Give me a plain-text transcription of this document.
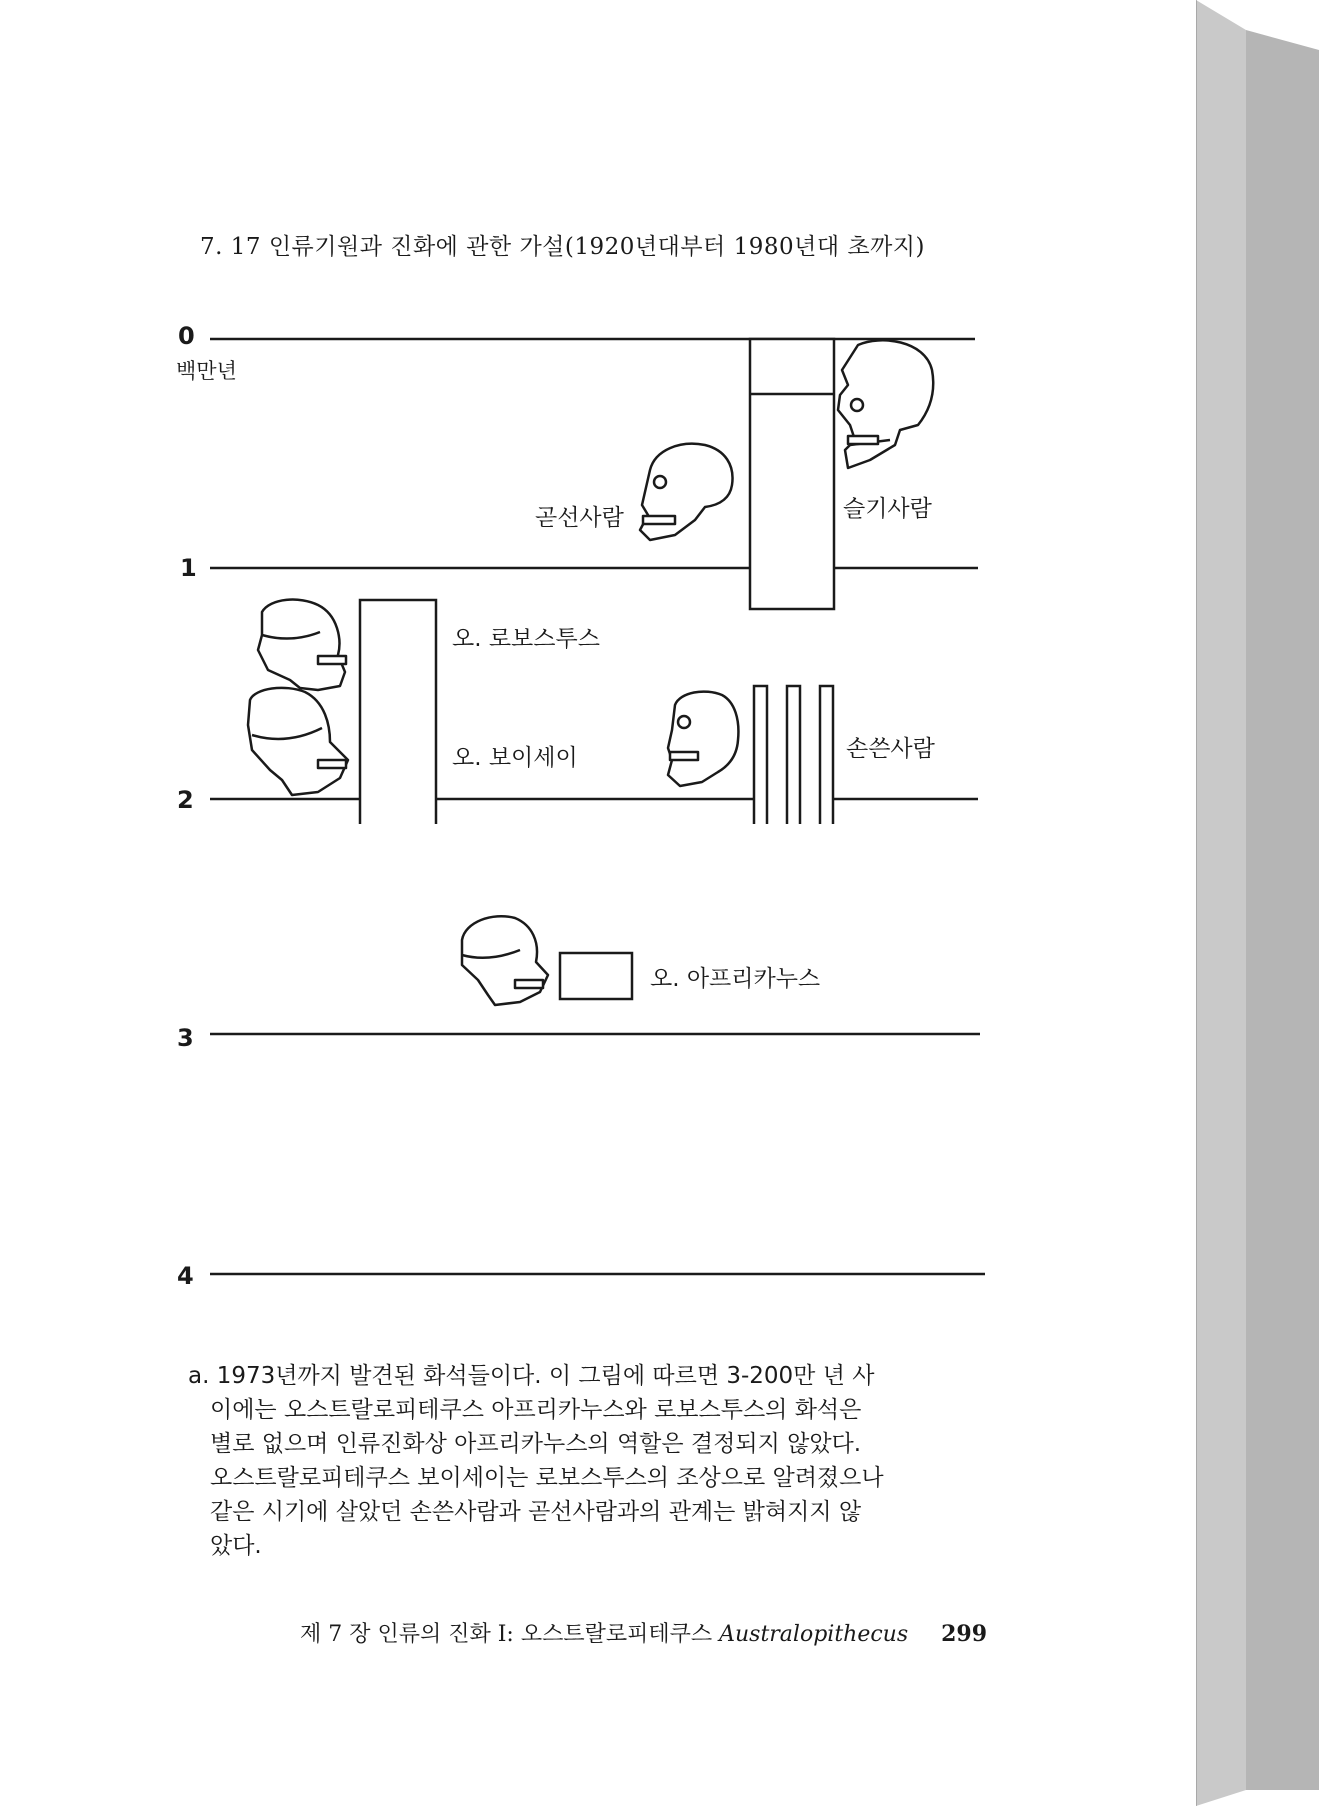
7. 17 인류기원과 진화에 관한 가설(1920년대부터 1980년대 초까지)
0
백만년
1
2
3
4
곧선사람	슬기사람
오. 로보스투스
오. 보이세이	손쓴사람
오. 아프리카누스
a. 1973년까지 발견된 화석들이다. 이 그림에 따르면 3-200만 년 사
이에는 오스트랄로피테쿠스 아프리카누스와 로보스투스의 화석은
별로 없으며 인류진화상 아프리카누스의 역할은 결정되지 않았다.
오스트랄로피테쿠스 보이세이는 로보스투스의 조상으로 알려졌으나
같은 시기에 살았던 손쓴사람과 곧선사람과의 관계는 밝혀지지 않
았다.
제 7 장 인류의 진화 Ⅰ: 오스트랄로피테쿠스 Australopithecus 299
